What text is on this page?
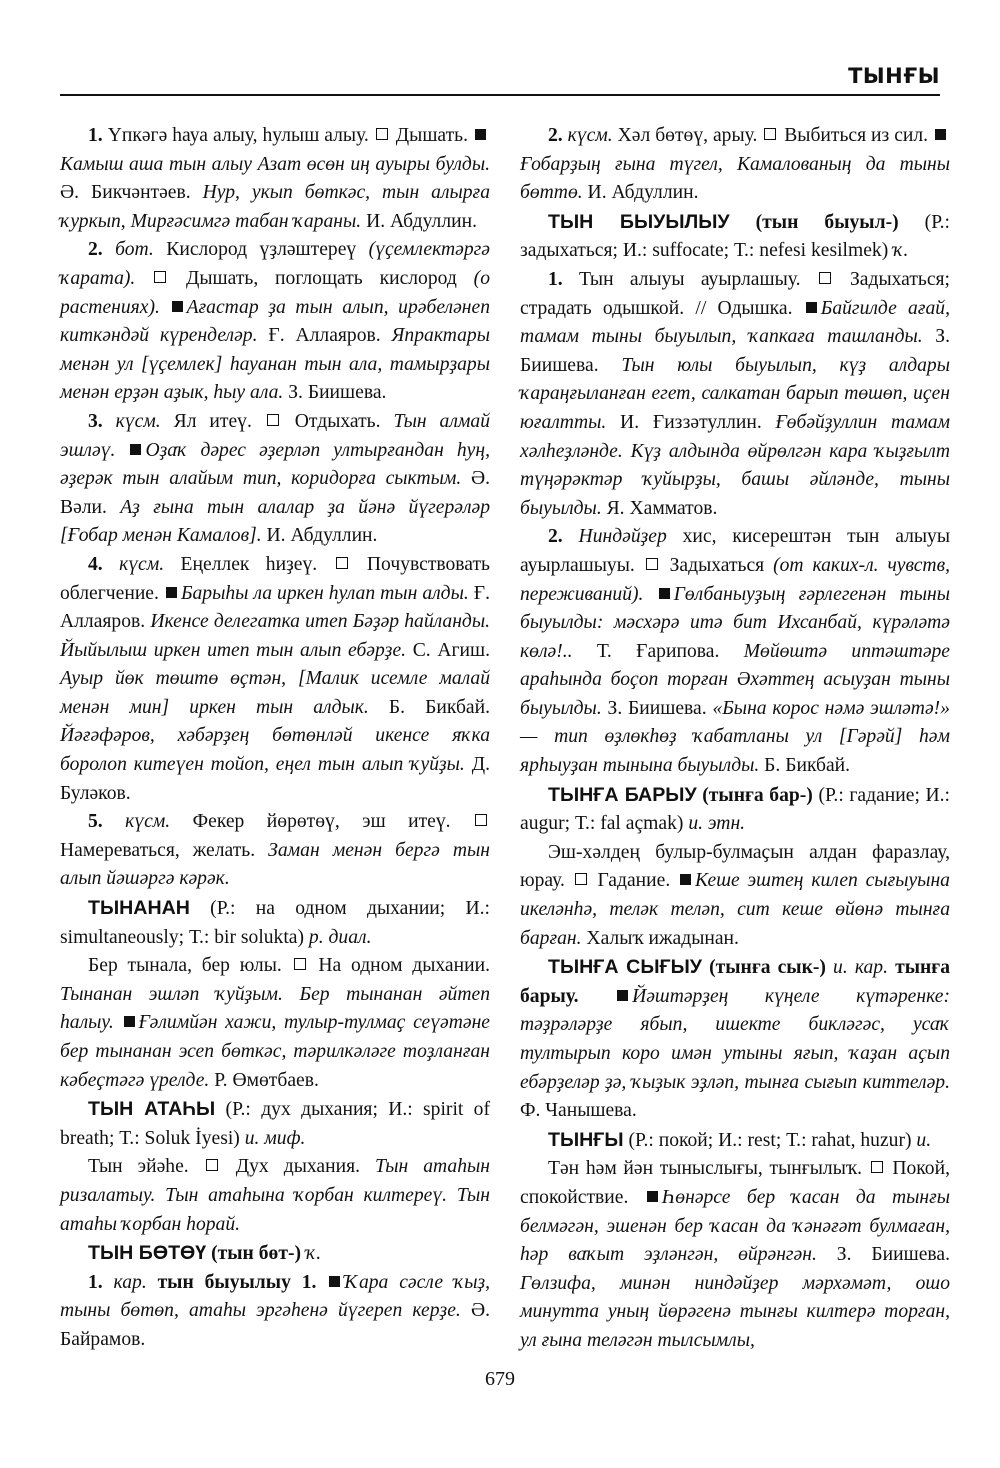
ТЫНҒЫ

1. Үпкәгә һауа алыу, һулыш алыу.  Дышать. Камыш аша тын алыу Азат өсөн иң ауыры булды. Ә. Бикчәнтәев. Нур, укып бөткәс, тын алырға ҡуркып, Мирғәсимгә табан ҡараны. И. Абдуллин.

2. бот. Кислород үҙләштереү (үҫемлектәргә ҡарата).  Дышать, поглощать кислород (о растениях). Ағастар ҙа тын алып, ирәбеләнеп киткәндәй күренделәр. Ғ. Аллаяров. Япрактары менән ул [үҫемлек] һауанан тын ала, тамырҙары менән ерҙән аҙык, һыу ала. З. Биишева.

3. күсм. Ял итеү.  Отдыхать. Тын алмай эшләү. Оҙаҡ дәрес әҙерләп ултырғандан һуң, әҙерәк тын алайым тип, коридорға сыктым. Ә. Вәли. Аҙ ғына тын алалар ҙа йәнә йүгерәләр [Ғобар менән Камалов]. И. Абдуллин.

4. күсм. Еңеллек һиҙеү.  Почувствовать облегчение. Барыһы ла иркен һулап тын алды. Ғ. Аллаяров. Икенсе делегатка итеп Бәҙәр һайланды. Йыйылыш иркен итеп тын алып ебәрҙе. С. Агиш. Ауыр йөк төштө өҫтән, [Малик исемле малай менән мин] иркен тын алдык. Б. Бикбай. Йәғәфәров, хәбәрҙең бөтөнләй икенсе яҡка боролоп китеүен тойоп, еңел тын алып ҡуйҙы. Д. Буләков.

5. күсм. Фекер йөрөтөү, эш итеү.  Намереваться, желать. Заман менән бергә тын алып йәшәргә кәрәк.

ТЫНАНАН (Р.: на одном дыхании; И.: simultaneously; Т.: bir solukta) р. диал.

Бер тынала, бер юлы.  На одном дыхании. Тынанан эшләп ҡуйҙым. Бер тынанан әйтеп һалыу. Ғәлимйән хажи, тулыр-тулмаҫ сеүәтәне бер тынанан эсеп бөткәс, тәрилкәләге тоҙланған кәбеҫтәгә үрелде. Р. Өмөтбаев.

ТЫН АТАҺЫ (Р.: дух дыхания; И.: spirit of breath; Т.: Soluk İyesi) и. миф.

Тын эйәһе.  Дух дыхания. Тын атаһын ризалатыу. Тын атаһына ҡорбан килтереү. Тын атаһы ҡорбан һорай.

ТЫН БӨТӨҮ (тын бөт-) ҡ.

1. кар. тын быуылыу 1. Ҡара сәсле ҡыҙ, тыны бөтөп, атаһы эргәһенә йүгереп керҙе. Ә. Байрамов.

2. күсм. Хәл бөтөү, арыу.  Выбиться из сил. Ғобарҙың ғына түгел, Камалованың да тыны бөттө. И. Абдуллин.

ТЫН БЫУЫЛЫУ (тын быуыл-) (Р.: задыхаться; И.: suffocate; Т.: nefesi kesilmek) ҡ.

1. Тын алыуы ауырлашыу.  Задыхаться; страдать одышкой. // Одышка. Байгилде ағай, тамам тыны быуылып, ҡапкаға ташланды. З. Биишева. Тын юлы быуылып, күҙ алдары ҡараңғыланған егет, салкатан барып төшөп, иҫен юғалтты. И. Ғиззәтуллин. Ғөбәйҙуллин тамам хәлһеҙләнде. Күҙ алдында өйрөлгән кара ҡыҙғылт түңәрәктәр ҡуйырҙы, башы әйләнде, тыны быуылды. Я. Хамматов.

2. Ниндәйҙер хис, кисерештән тын алыуы ауырлашыуы.  Задыхаться (от каких-л. чувств, переживаний). Гөлбаныуҙың ғәрлегенән тыны быуылды: мәсхәрә итә бит Ихсанбай, күрәләтә көлә!.. Т. Ғарипова. Мөйөштә иптәштәре араһында боҫоп торған Әхәттең асыуҙан тыны быуылды. З. Биишева. «Бына корос нәмә эшләтә!» — тип өҙлөкһөҙ ҡабатланы ул [Гәрәй] һәм ярһыуҙан тынына быуылды. Б. Бикбай.

ТЫНҒА БАРЫУ (тынға бар-) (Р.: гадание; И.: augur; Т.: fal açmak) и. этн.

Эш-хәлдең булыр-булмаҫын алдан фаразлау, юрау.  Гадание. Кеше эштең килеп сығыуына икеләнһә, теләк теләп, сит кеше өйөнә тынға барған. Халыҡ ижадынан.

ТЫНҒА СЫҒЫУ (тынға сык-) и. кар. тынға барыу.	Йәштәрҙең күңеле күтәренке: тәҙрәләрҙе ябып, ишекте бикләгәс, усаҡ тултырып коро имән утыны яғып, ҡаҙан аҫып ебәрҙеләр ҙә, ҡыҙык эҙләп, тынға сығып киттеләр. Ф. Чанышева.

ТЫНҒЫ (Р.: покой; И.: rest; Т.: rahat, huzur) и.

Тән һәм йән тыныслығы, тынғылыҡ.  Покой, спокойствие. Һөнәрсе бер ҡасан да тынғы белмәгән, эшенән бер ҡасан да ҡәнәғәт булмаған, һәр ваҡыт эҙләнгән, өйрәнгән. З. Биишева. Гөлзифа, минән ниндәйҙер мәрхәмәт, ошо минутта уның йөрәгенә тынғы килтерә торған, ул ғына теләгән тылсымлы,

679
